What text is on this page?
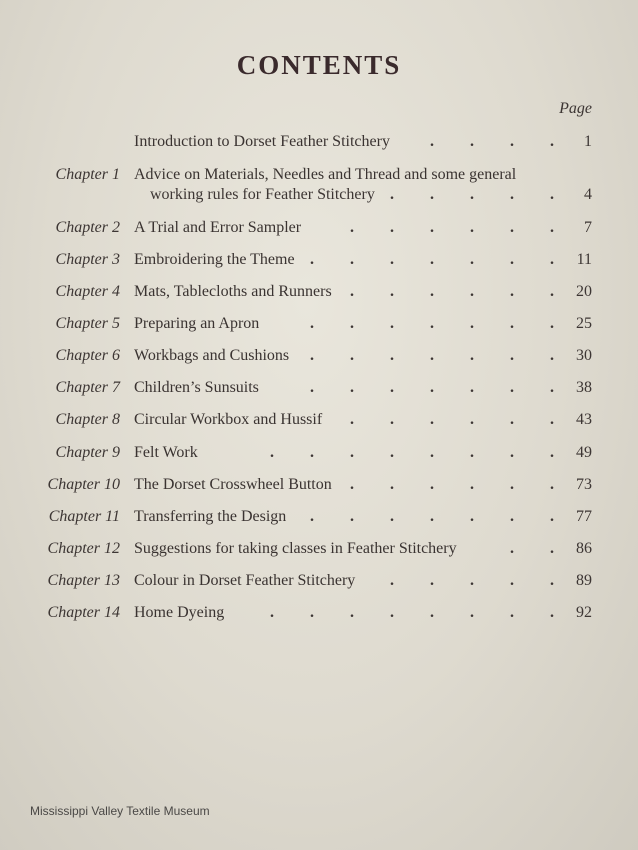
CONTENTS
Page
Introduction to Dorset Feather Stitchery	1
. . . .
Chapter 1 Advice on Materials, Needles and Thread and some general
working rules for Feather Stitchery	4
. . . . .
Chapter 2 A Trial and Error Sampler	7
. . . . . .
Chapter 3 Embroidering the Theme	11
. . . . . . .
Chapter 4 Mats, Tablecloths and Runners	20
. . . . . .
Chapter 5 Preparing an Apron	25
. . . . . . .
Chapter 6 Workbags and Cushions	30
. . . . . . .
Chapter 7 Children’s Sunsuits	38
. . . . . . .
Chapter 8 Circular Workbox and Hussif	43
. . . . . .
Chapter 9 Felt Work	49
. . . . . . . .
Chapter 10 The Dorset Crosswheel Button	73
. . . . . .
Chapter 11 Transferring the Design	77
. . . . . . .
Chapter 12 Suggestions for taking classes in Feather Stitchery	86
. .
Chapter 13 Colour in Dorset Feather Stitchery	89
. . . . .
Chapter 14 Home Dyeing	92
. . . . . . . .
Mississippi Valley Textile Museum
